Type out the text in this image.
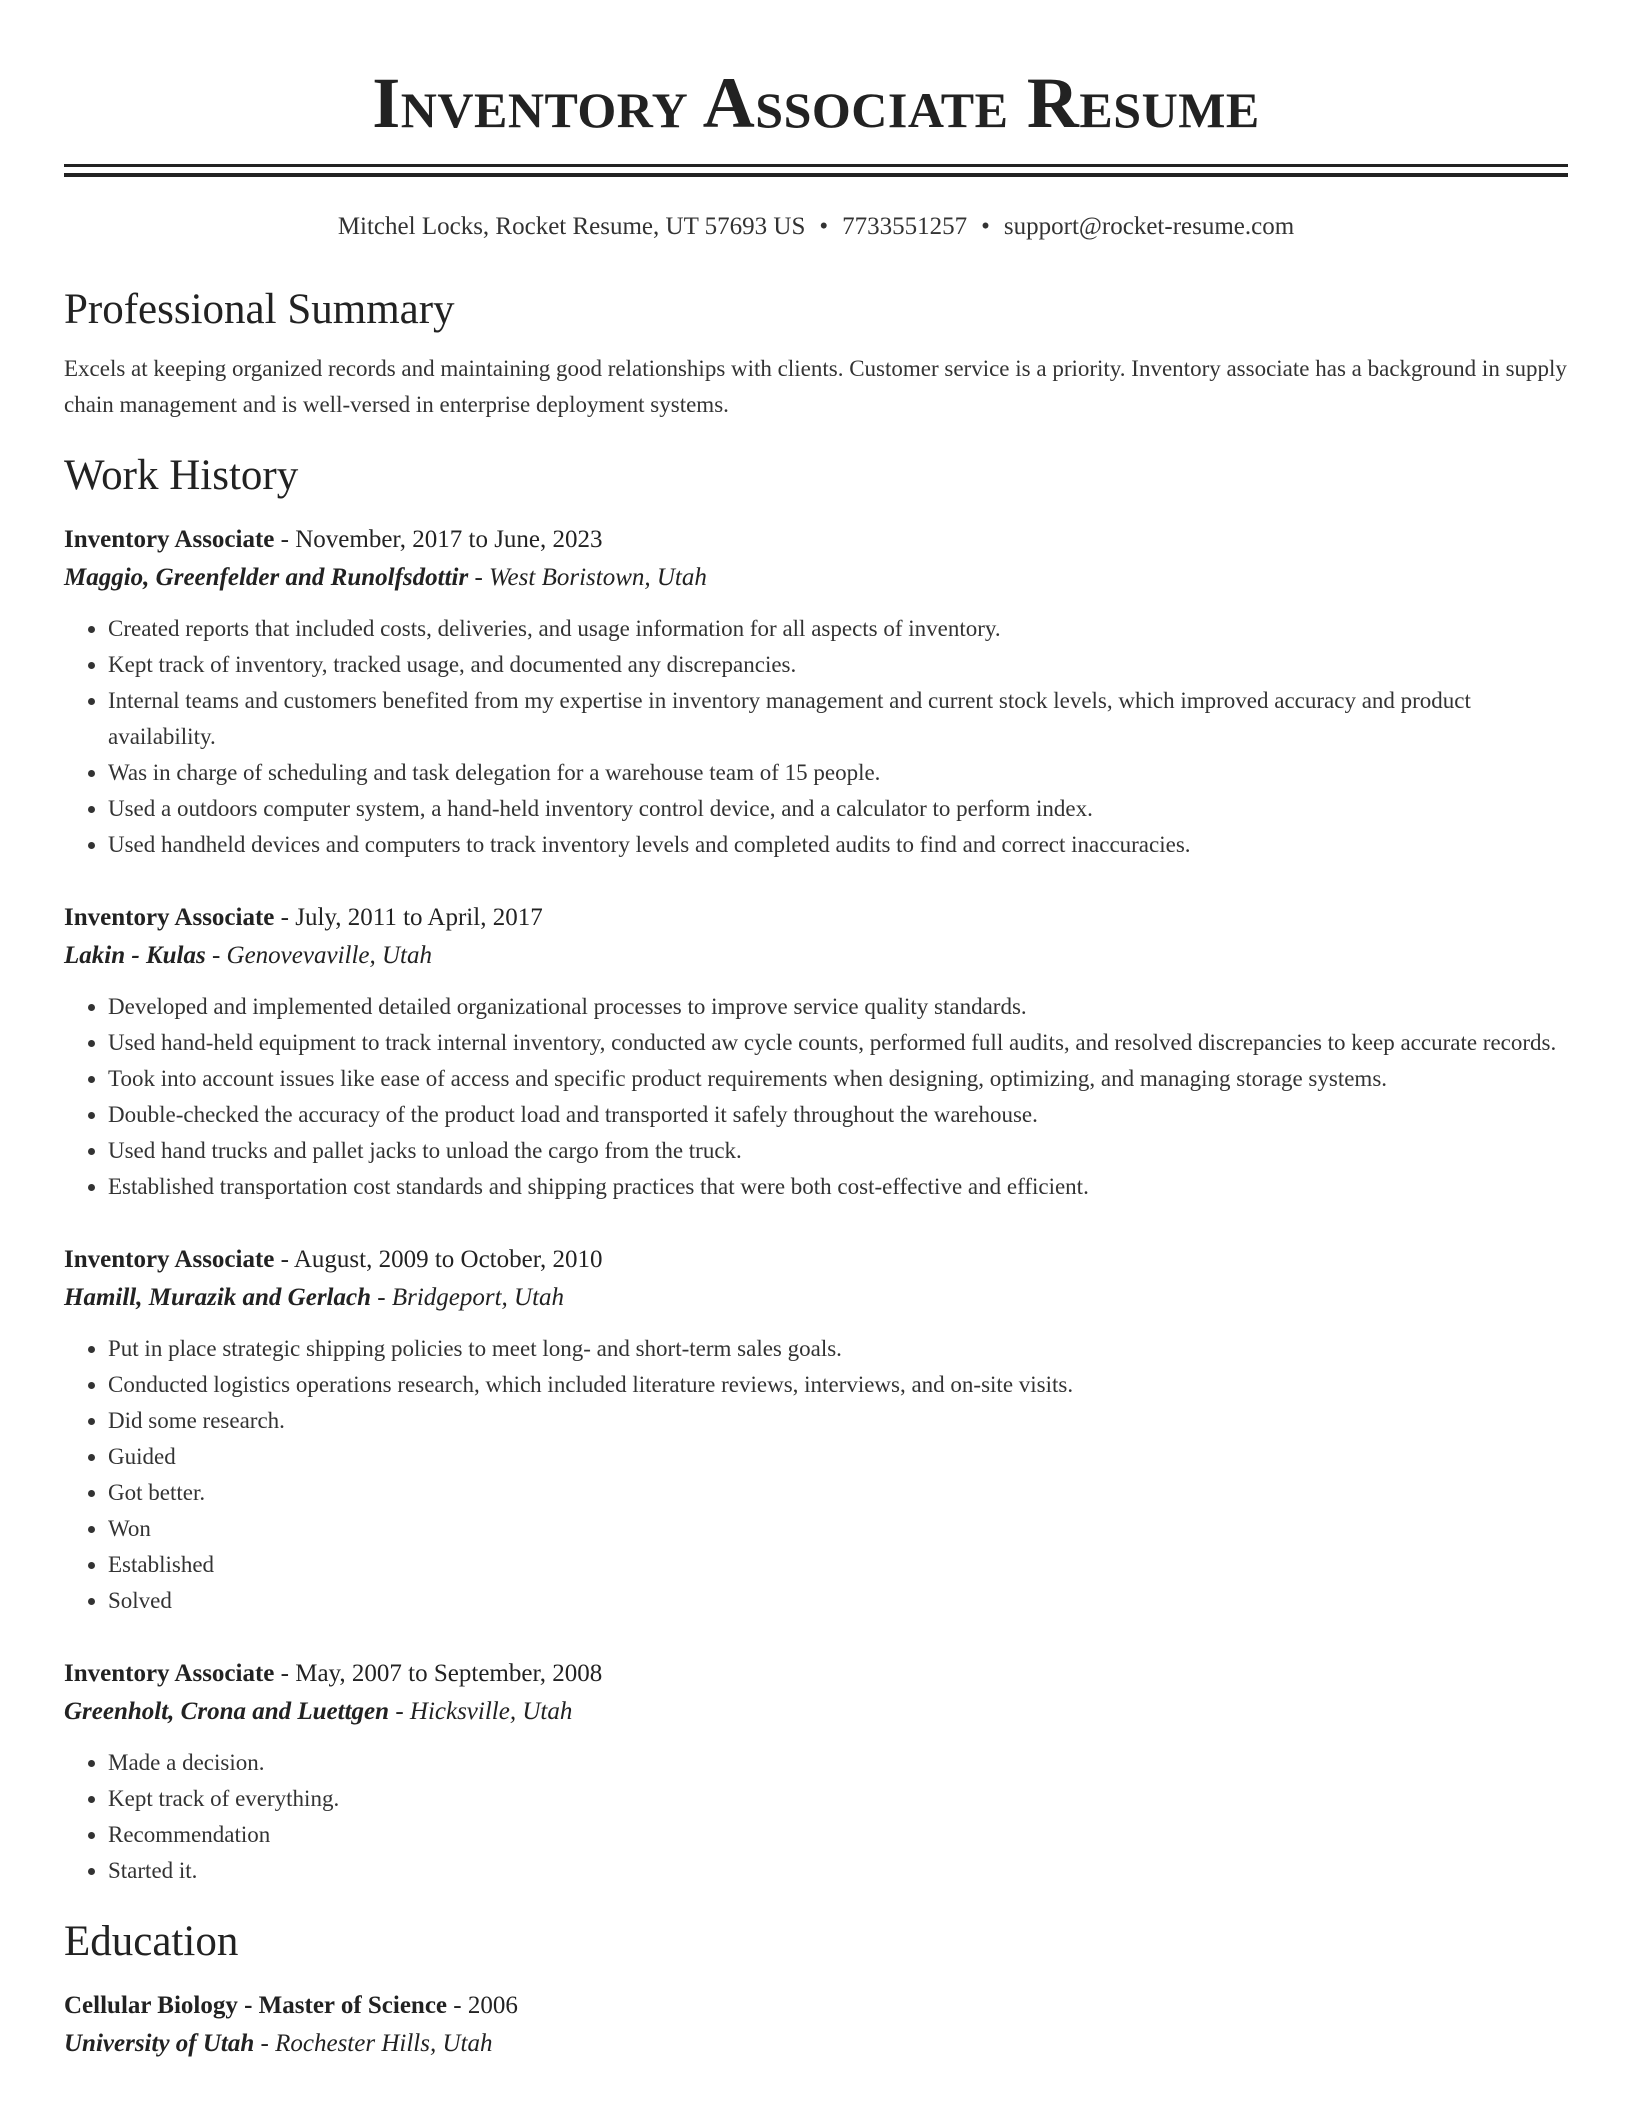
Inventory Associate Resume
Mitchel Locks, Rocket Resume, UT 57693 US • 7733551257 • support@rocket-resume.com
Professional Summary
Excels at keeping organized records and maintaining good relationships with clients. Customer service is a priority. Inventory associate has a background in supply chain management and is well-versed in enterprise deployment systems.
Work History
Inventory Associate - November, 2017 to June, 2023
Maggio, Greenfelder and Runolfsdottir - West Boristown, Utah
• Created reports that included costs, deliveries, and usage information for all aspects of inventory.
• Kept track of inventory, tracked usage, and documented any discrepancies.
• Internal teams and customers benefited from my expertise in inventory management and current stock levels, which improved accuracy and product availability.
• Was in charge of scheduling and task delegation for a warehouse team of 15 people.
• Used a outdoors computer system, a hand-held inventory control device, and a calculator to perform index.
• Used handheld devices and computers to track inventory levels and completed audits to find and correct inaccuracies.
Inventory Associate - July, 2011 to April, 2017
Lakin - Kulas - Genovevaville, Utah
• Developed and implemented detailed organizational processes to improve service quality standards.
• Used hand-held equipment to track internal inventory, conducted aw cycle counts, performed full audits, and resolved discrepancies to keep accurate records.
• Took into account issues like ease of access and specific product requirements when designing, optimizing, and managing storage systems.
• Double-checked the accuracy of the product load and transported it safely throughout the warehouse.
• Used hand trucks and pallet jacks to unload the cargo from the truck.
• Established transportation cost standards and shipping practices that were both cost-effective and efficient.
Inventory Associate - August, 2009 to October, 2010
Hamill, Murazik and Gerlach - Bridgeport, Utah
• Put in place strategic shipping policies to meet long- and short-term sales goals.
• Conducted logistics operations research, which included literature reviews, interviews, and on-site visits.
• Did some research.
• Guided
• Got better.
• Won
• Established
• Solved
Inventory Associate - May, 2007 to September, 2008
Greenholt, Crona and Luettgen - Hicksville, Utah
• Made a decision.
• Kept track of everything.
• Recommendation
• Started it.
Education
Cellular Biology - Master of Science - 2006
University of Utah - Rochester Hills, Utah
